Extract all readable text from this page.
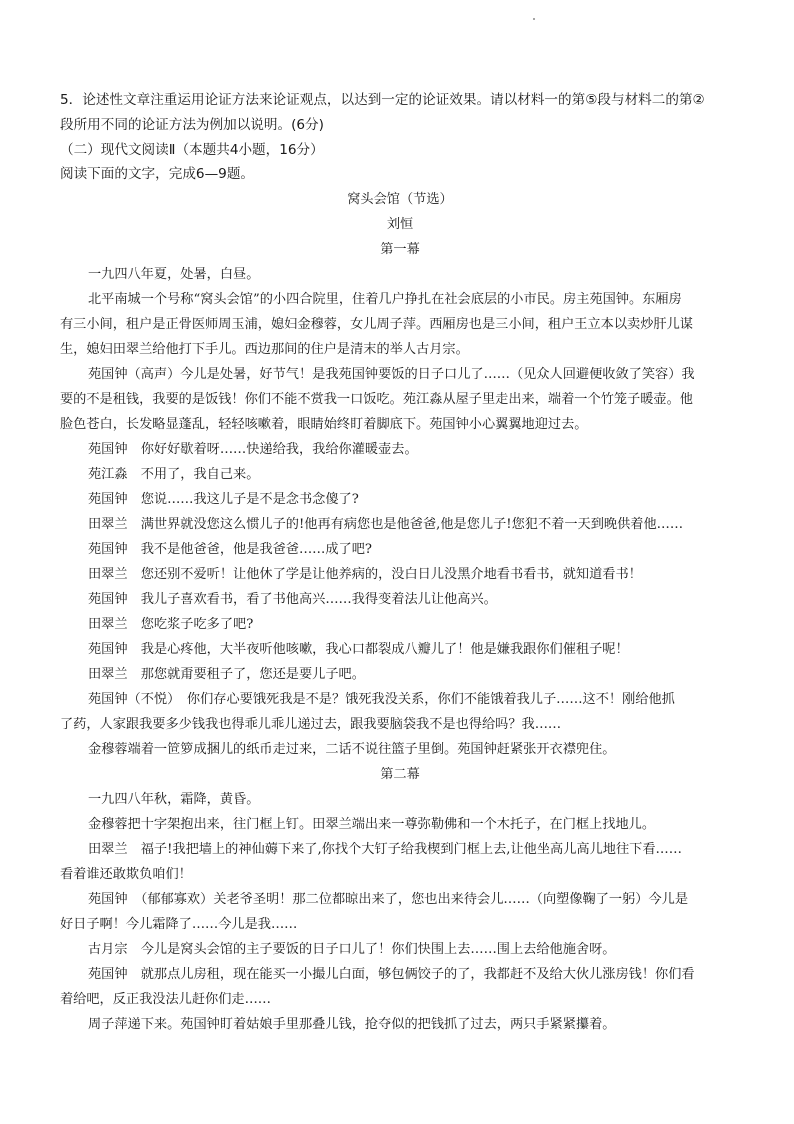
5．论述性文章注重运用论证方法来论证观点，以达到一定的论证效果。请以材料一的第⑤段与材料二的第②

段所用不同的论证方法为例加以说明。(6分)

（二）现代文阅读Ⅱ（本题共4小题，16分）

阅读下面的文字，完成6—9题。

窝头会馆（节选）

刘恒

第一幕

一九四八年夏，处暑，白昼。

北平南城一个号称“窝头会馆”的小四合院里，住着几户挣扎在社会底层的小市民。房主苑国钟。东厢房

有三小间，租户是正骨医师周玉浦，媳妇金穆蓉，女儿周子萍。西厢房也是三小间，租户王立本以卖炒肝儿谋

生，媳妇田翠兰给他打下手儿。西边那间的住户是清末的举人古月宗。

苑国钟（高声）今儿是处暑，好节气！是我苑国钟要饭的日子口儿了……（见众人回避便收敛了笑容）我

要的不是租钱，我要的是饭钱！你们不能不赏我一口饭吃。苑江淼从屋子里走出来，端着一个竹笼子暖壶。他

脸色苍白，长发略显蓬乱，轻轻咳嗽着，眼睛始终盯着脚底下。苑国钟小心翼翼地迎过去。

苑国钟　你好好歇着呀……快递给我，我给你灌暖壶去。

苑江淼　不用了，我自己来。

苑国钟　您说……我这儿子是不是念书念傻了?

田翠兰　满世界就没您这么惯儿子的!他再有病您也是他爸爸,他是您儿子!您犯不着一天到晚供着他……

苑国钟　我不是他爸爸，他是我爸爸……成了吧?

田翠兰　您还别不爱听！让他休了学是让他养病的，没白日儿没黑介地看书看书，就知道看书！

苑国钟　我儿子喜欢看书，看了书他高兴……我得变着法儿让他高兴。

田翠兰　您吃浆子吃多了吧?

苑国钟　我是心疼他，大半夜听他咳嗽，我心口都裂成八瓣儿了！他是嫌我跟你们催租子呢！

田翠兰　那您就甭要租子了，您还是要儿子吧。

苑国钟（不悦）　你们存心要饿死我是不是？饿死我没关系，你们不能饿着我儿子……这不！刚给他抓

了药，人家跟我要多少钱我也得乖儿乖儿递过去，跟我要脑袋我不是也得给吗？我……

金穆蓉端着一笸箩成捆儿的纸币走过来，二话不说往篮子里倒。苑国钟赶紧张开衣襟兜住。

第二幕

一九四八年秋，霜降，黄昏。

金穆蓉把十字架抱出来，往门框上钉。田翠兰端出来一尊弥勒佛和一个木托子，在门框上找地儿。

田翠兰　福子!我把墙上的神仙薅下来了,你找个大钉子给我楔到门框上去,让他坐高儿高儿地往下看……

看着谁还敢欺负咱们！

苑国钟　（郁郁寡欢）关老爷圣明！那二位都晾出来了，您也出来待会儿……（向塑像鞠了一躬）今儿是

好日子啊！今儿霜降了……今儿是我……

古月宗　今儿是窝头会馆的主子要饭的日子口儿了！你们快围上去……围上去给他施舍呀。

苑国钟　就那点儿房租，现在能买一小撮儿白面，够包俩饺子的了，我都赶不及给大伙儿涨房钱！你们看

着给吧，反正我没法儿赶你们走……

周子萍递下来。苑国钟盯着姑娘手里那叠儿钱，抢夺似的把钱抓了过去，两只手紧紧攥着。
